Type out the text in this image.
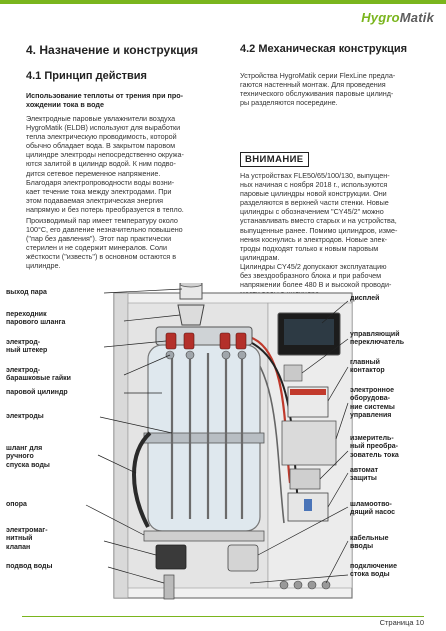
HygroMatik
4. Назначение и конструкция
4.1 Принцип действия
Использование теплоты от трения при про-
хождении тока в воде
Электродные паровые увлажнители воздуха
HygroMatik (ELDB) используют для выработки
тепла электрическую проводимость, которой
обычно обладает вода. В закрытом паровом
цилиндре электроды непосредственно окружа-
ются залитой в цилиндр водой. К ним подво-
дится сетевое переменное напряжение.
Благодаря электропроводности воды возни-
кает течение тока между электродами. При
этом подаваемая электрическая энергия
напрямую и без потерь преобразуется в тепло.
Производимый пар имеет температуру около
100°C, его давление незначительно повышено
("пар без давления"). Этот пар практически
стерилен и не содержит минералов. Соли
жёсткости ("известь") в основном остаются в
цилиндре.
4.2 Механическая конструкция
Устройства HygroMatik серии FlexLine предла-
гаются настенный монтаж. Для проведения
технического обслуживания паровые цилинд-
ры разделяются посередине.
ВНИМАНИЕ
На устройствах FLE50/65/100/130, выпущен-
ных начиная с ноября 2018 г., используются
паровые цилиндры новой конструкции. Они
разделяются в верхней части стенки. Новые
цилиндры с обозначением "CY45/2" можно
устанавливать вместо старых и на устройства,
выпущенные ранее. Помимо цилиндров, изме-
нения коснулись и электродов. Новые элек-
троды подходят только к новым паровым
цилиндрам.
Цилиндры CY45/2 допускают эксплуатацию
без звездообразного блока и при рабочем
напряжении более 480 В и высокой проводи-
выход пара
переходник
парового шланга
электрод-
ный штекер
электрод-
барашковые гайки
паровой цилиндр
электроды
шланг для
ручного
спуска воды
опора
электромаг-
нитный
клапан
подвод воды
дисплей
управляющий
переключатель
главный
контактор
электронное
оборудова-
ние системы
управления
измеритель-
ный преобра-
зователь тока
автомат
защиты
шламоотво-
дящий насос
кабельные
вводы
подключение
стока воды
Страница 10
